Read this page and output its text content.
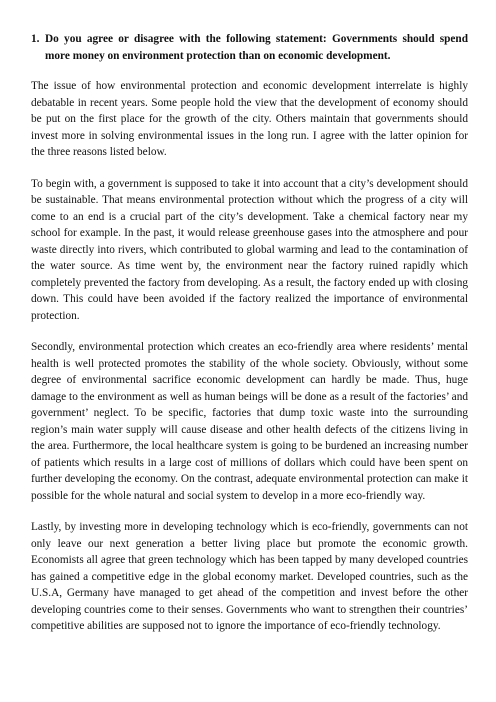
1. Do you agree or disagree with the following statement: Governments should spend more money on environment protection than on economic development.

The issue of how environmental protection and economic development interrelate is highly debatable in recent years. Some people hold the view that the development of economy should be put on the first place for the growth of the city. Others maintain that governments should invest more in solving environmental issues in the long run. I agree with the latter opinion for the three reasons listed below.

To begin with, a government is supposed to take it into account that a city’s development should be sustainable. That means environmental protection without which the progress of a city will come to an end is a crucial part of the city’s development. Take a chemical factory near my school for example. In the past, it would release greenhouse gases into the atmosphere and pour waste directly into rivers, which contributed to global warming and lead to the contamination of the water source. As time went by, the environment near the factory ruined rapidly which completely prevented the factory from developing. As a result, the factory ended up with closing down. This could have been avoided if the factory realized the importance of environmental protection.

Secondly, environmental protection which creates an eco-friendly area where residents’ mental health is well protected promotes the stability of the whole society. Obviously, without some degree of environmental sacrifice economic development can hardly be made. Thus, huge damage to the environment as well as human beings will be done as a result of the factories’ and government’ neglect. To be specific, factories that dump toxic waste into the surrounding region’s main water supply will cause disease and other health defects of the citizens living in the area. Furthermore, the local healthcare system is going to be burdened an increasing number of patients which results in a large cost of millions of dollars which could have been spent on further developing the economy. On the contrast, adequate environmental protection can make it possible for the whole natural and social system to develop in a more eco-friendly way.

Lastly, by investing more in developing technology which is eco-friendly, governments can not only leave our next generation a better living place but promote the economic growth. Economists all agree that green technology which has been tapped by many developed countries has gained a competitive edge in the global economy market. Developed countries, such as the U.S.A, Germany have managed to get ahead of the competition and invest before the other developing countries come to their senses. Governments who want to strengthen their countries’ competitive abilities are supposed not to ignore the importance of eco-friendly technology.
